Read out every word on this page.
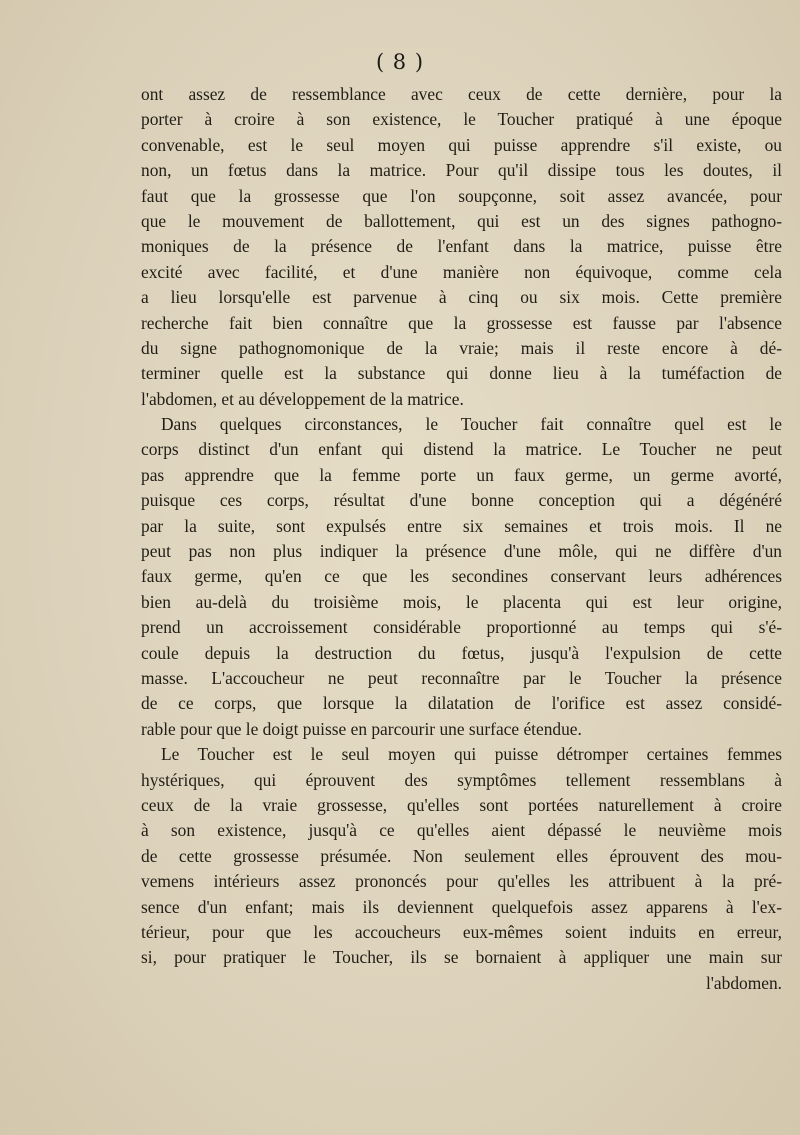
( 8 )
ont assez de ressemblance avec ceux de cette dernière, pour la
porter à croire à son existence, le Toucher pratiqué à une époque
convenable, est le seul moyen qui puisse apprendre s'il existe, ou
non, un fœtus dans la matrice. Pour qu'il dissipe tous les doutes, il
faut que la grossesse que l'on soupçonne, soit assez avancée, pour
que le mouvement de ballottement, qui est un des signes pathogno-
moniques de la présence de l'enfant dans la matrice, puisse être
excité avec facilité, et d'une manière non équivoque, comme cela
a lieu lorsqu'elle est parvenue à cinq ou six mois. Cette première
recherche fait bien connaître que la grossesse est fausse par l'absence
du signe pathognomonique de la vraie; mais il reste encore à dé-
terminer quelle est la substance qui donne lieu à la tuméfaction de
l'abdomen, et au développement de la matrice.
Dans quelques circonstances, le Toucher fait connaître quel est le
corps distinct d'un enfant qui distend la matrice. Le Toucher ne peut
pas apprendre que la femme porte un faux germe, un germe avorté,
puisque ces corps, résultat d'une bonne conception qui a dégénéré
par la suite, sont expulsés entre six semaines et trois mois. Il ne
peut pas non plus indiquer la présence d'une môle, qui ne diffère d'un
faux germe, qu'en ce que les secondines conservant leurs adhérences
bien au-delà du troisième mois, le placenta qui est leur origine,
prend un accroissement considérable proportionné au temps qui s'é-
coule depuis la destruction du fœtus, jusqu'à l'expulsion de cette
masse. L'accoucheur ne peut reconnaître par le Toucher la présence
de ce corps, que lorsque la dilatation de l'orifice est assez considé-
rable pour que le doigt puisse en parcourir une surface étendue.
Le Toucher est le seul moyen qui puisse détromper certaines femmes
hystériques, qui éprouvent des symptômes tellement ressemblans à
ceux de la vraie grossesse, qu'elles sont portées naturellement à croire
à son existence, jusqu'à ce qu'elles aient dépassé le neuvième mois
de cette grossesse présumée. Non seulement elles éprouvent des mou-
vemens intérieurs assez prononcés pour qu'elles les attribuent à la pré-
sence d'un enfant; mais ils deviennent quelquefois assez apparens à l'ex-
térieur, pour que les accoucheurs eux-mêmes soient induits en erreur,
si, pour pratiquer le Toucher, ils se bornaient à appliquer une main sur
l'abdomen.
